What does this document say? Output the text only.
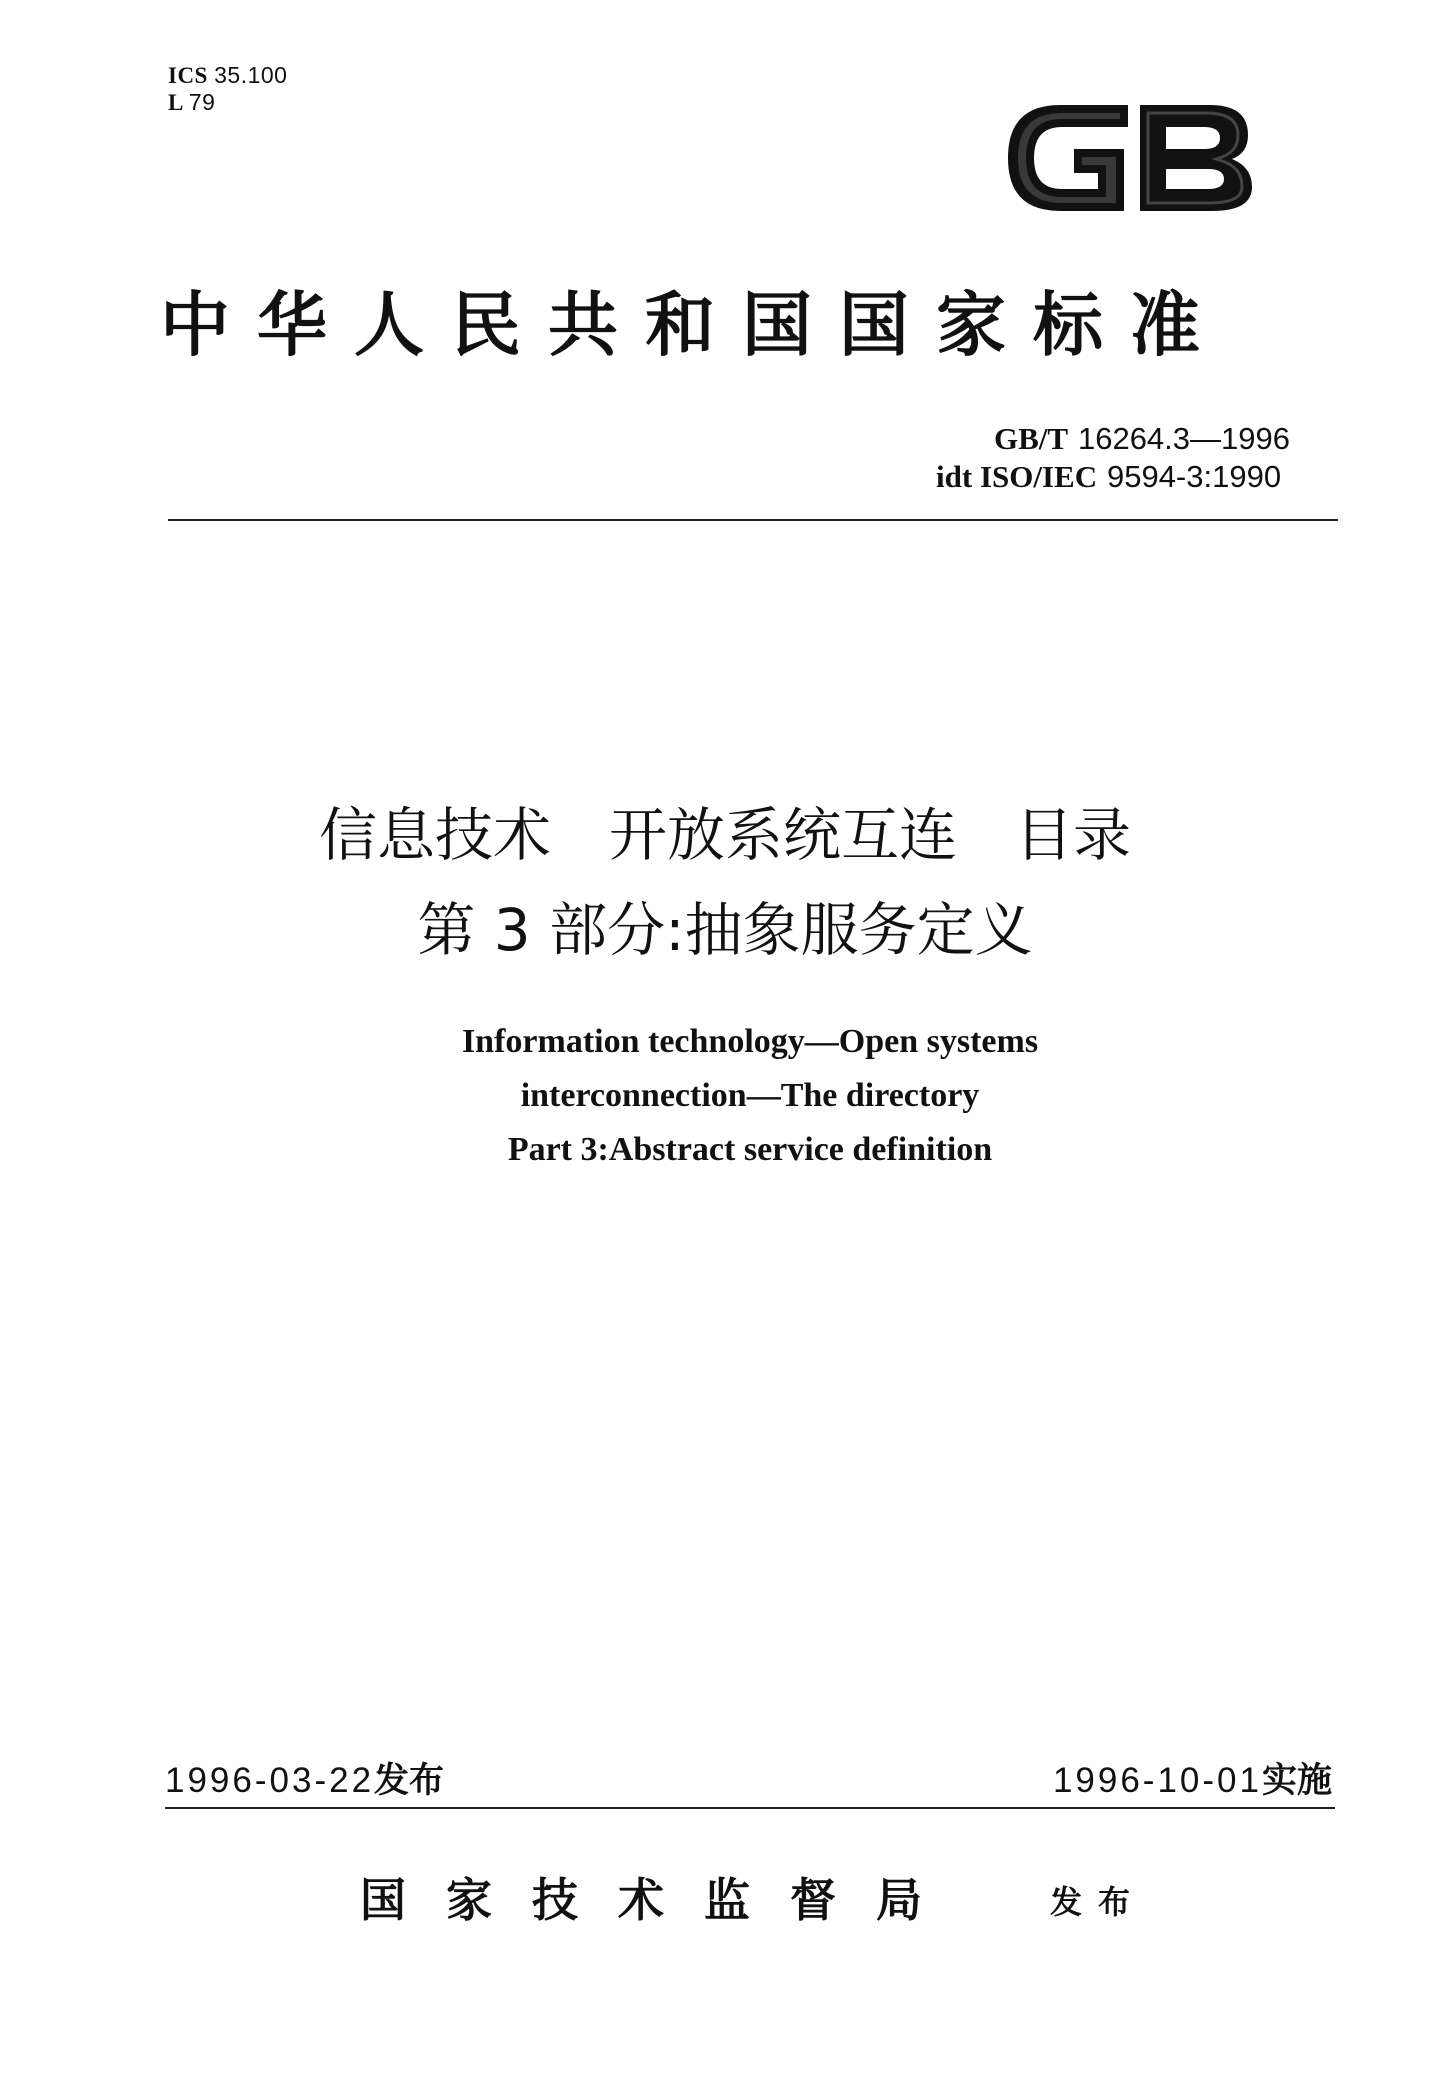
ICS 35.100
L 79
中华人民共和国国家标准
GB/T 16264.3—1996
idt ISO/IEC 9594-3:1990
信息技术　开放系统互连　目录
第 3 部分:抽象服务定义
Information technology—Open systems
interconnection—The directory
Part 3:Abstract service definition
1996-03-22发布	1996-10-01实施
国家技术监督局	发布
